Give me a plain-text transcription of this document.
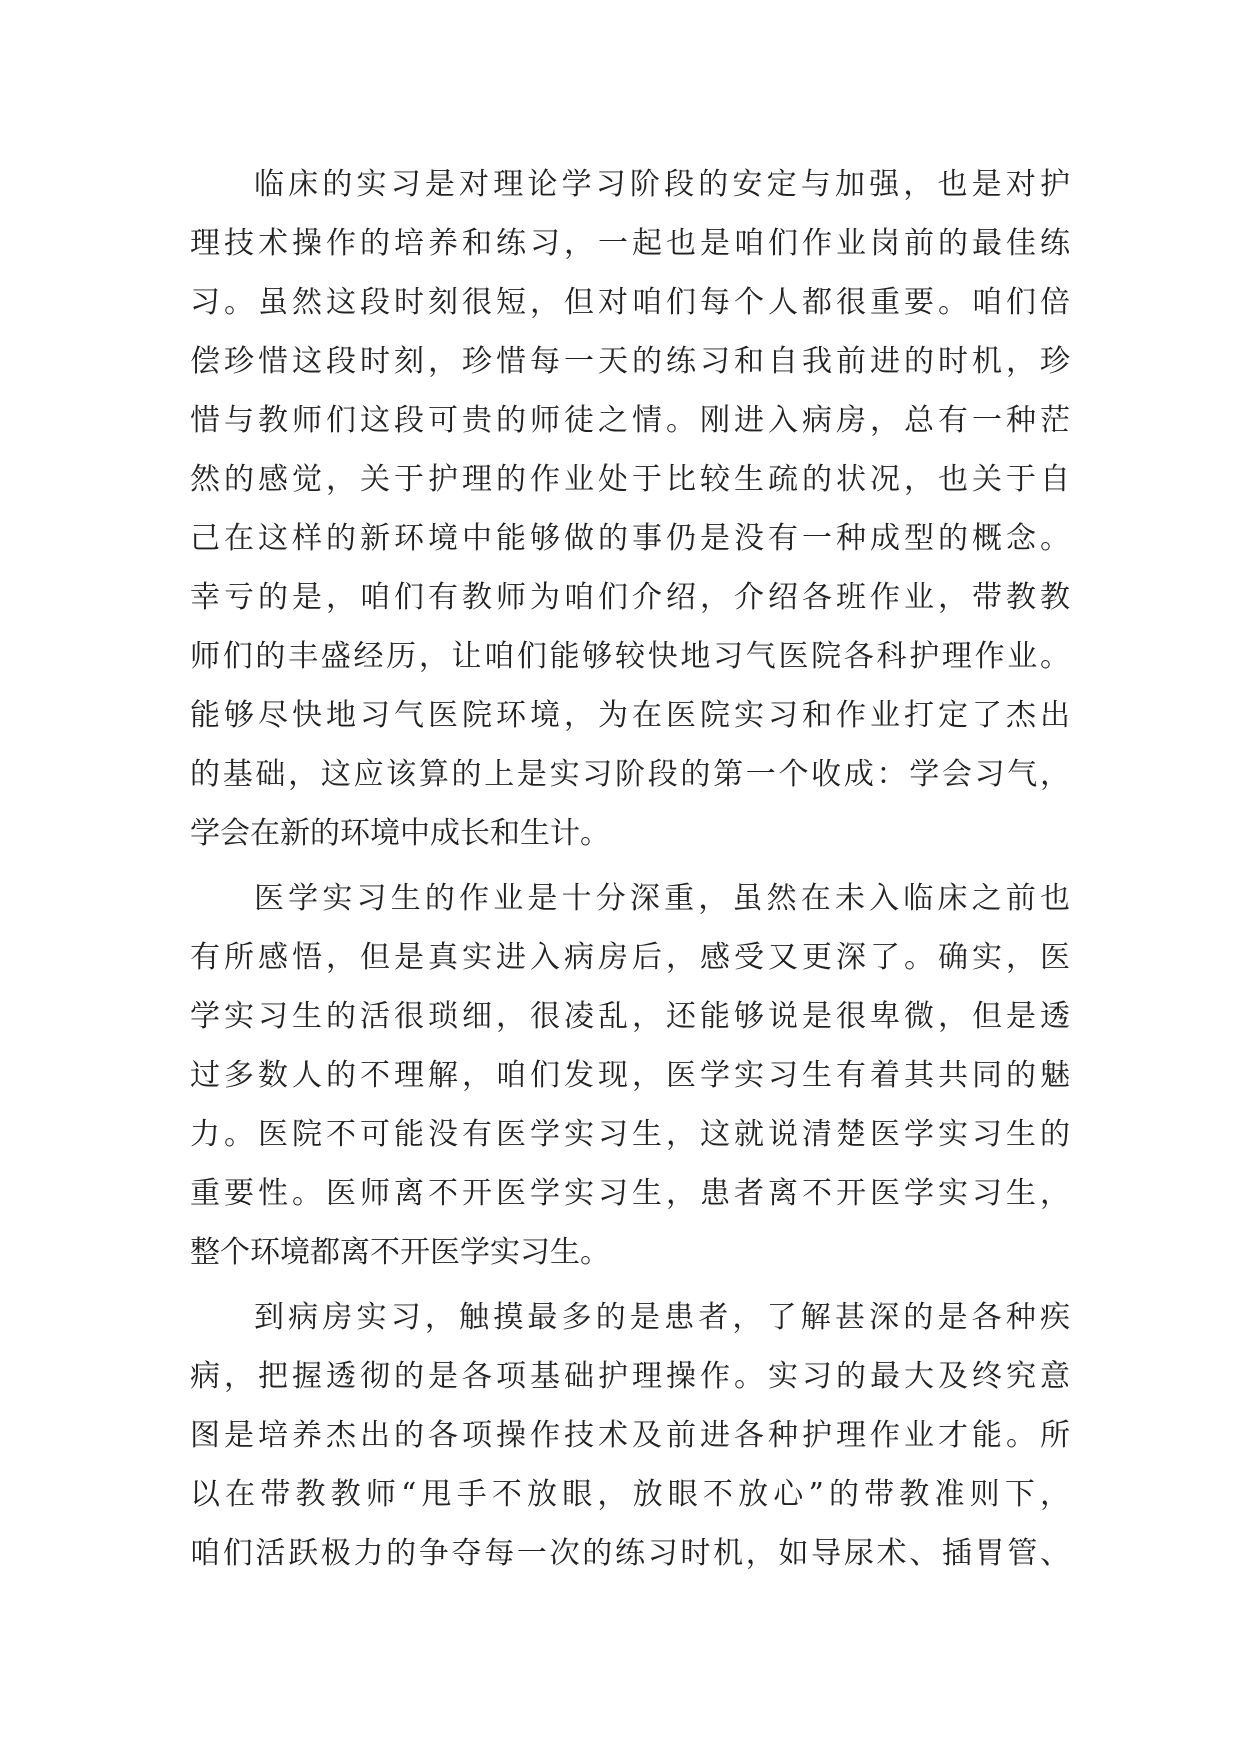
临床的实习是对理论学习阶段的安定与加强，也是对护
理技术操作的培养和练习，一起也是咱们作业岗前的最佳练
习。虽然这段时刻很短，但对咱们每个人都很重要。咱们倍
偿珍惜这段时刻，珍惜每一天的练习和自我前进的时机，珍
惜与教师们这段可贵的师徒之情。刚进入病房，总有一种茫
然的感觉，关于护理的作业处于比较生疏的状况，也关于自
己在这样的新环境中能够做的事仍是没有一种成型的概念。
幸亏的是，咱们有教师为咱们介绍，介绍各班作业，带教教
师们的丰盛经历，让咱们能够较快地习气医院各科护理作业。
能够尽快地习气医院环境，为在医院实习和作业打定了杰出
的基础，这应该算的上是实习阶段的第一个收成：学会习气，
学会在新的环境中成长和生计。
医学实习生的作业是十分深重，虽然在未入临床之前也
有所感悟，但是真实进入病房后，感受又更深了。确实，医
学实习生的活很琐细，很凌乱，还能够说是很卑微，但是透
过多数人的不理解，咱们发现，医学实习生有着其共同的魅
力。医院不可能没有医学实习生，这就说清楚医学实习生的
重要性。医师离不开医学实习生，患者离不开医学实习生，
整个环境都离不开医学实习生。
到病房实习，触摸最多的是患者，了解甚深的是各种疾
病，把握透彻的是各项基础护理操作。实习的最大及终究意
图是培养杰出的各项操作技术及前进各种护理作业才能。所
以在带教教师“甩手不放眼，放眼不放心”的带教准则下，
咱们活跃极力的争夺每一次的练习时机，如导尿术、插胃管、
